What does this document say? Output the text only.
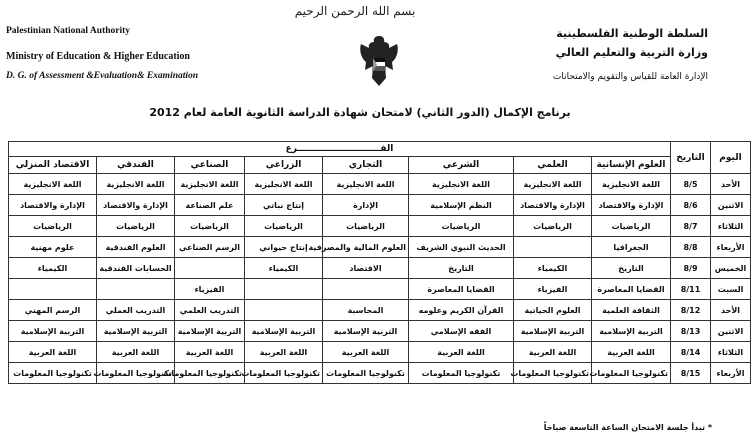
Palestinian National Authority
Ministry of Education & Higher Education
D. G. of Assessment &Evaluation& Examination
بسم الله الرحمن الرحيم
السلطة الوطنية الفلسطينية
وزارة التربية والتعليم العالي
الإدارة العامة للقياس والتقويم والامتحانات
برنامج الإكمال (الدور الثاني) لامتحان شهادة الدراسة الثانوية العامة لعام 2012
اليوم	التاريخ	الفـــــــــــــــــــــــــــرع							
		العلوم الإنسانية	العلمي	الشرعي	التجاري	الزراعي	الصناعي	الفندقي	الاقتصاد المنزلي
الأحد	8/5	اللغة الانجليزية	اللغة الانجليزية	اللغة الانجليزية	اللغة الانجليزية	اللغة الانجليزية	اللغة الانجليزية	اللغة الانجليزية	اللغة الانجليزية
الاثنين	8/6	الإدارة والاقتصاد	الإدارة والاقتصاد	النظم الإسلامية	الإدارة	إنتاج نباتي	علم الصناعة	الإدارة والاقتصاد	الإدارة والاقتصاد
الثلاثاء	8/7	الرياضيات	الرياضيات	الرياضيات	الرياضيات	الرياضيات	الرياضيات	الرياضيات	الرياضيات
الأربعاء	8/8	الجغرافيا		الحديث النبوي الشريف	العلوم المالية والمصرفية	إنتاج حيواني	الرسم الصناعي	العلوم الفندقية	علوم مهنية
الخميس	8/9	التاريخ	الكيمياء	التاريخ	الاقتصاد	الكيمياء		الحسابات الفندقية	الكيمياء
السبت	8/11	القضايا المعاصرة	الفيزياء	القضايا المعاصرة			الفيزياء		
الأحد	8/12	الثقافة العلمية	العلوم الحياتية	القرآن الكريم وعلومه	المحاسبة		التدريب العلمي	التدريب العملي	الرسم المهني
الاثنين	8/13	التربية الإسلامية	التربية الإسلامية	الفقه الإسلامي	التربية الإسلامية	التربية الإسلامية	التربية الإسلامية	التربية الإسلامية	التربية الإسلامية
الثلاثاء	8/14	اللغة العربية	اللغة العربية	اللغة العربية	اللغة العربية	اللغة العربية	اللغة العربية	اللغة العربية	اللغة العربية
الأربعاء	8/15	تكنولوجيا المعلومات	تكنولوجيا المعلومات	تكنولوجيا المعلومات	تكنولوجيا المعلومات	تكنولوجيا المعلومات	تكنولوجيا المعلومات	تكنولوجيا المعلومات	تكنولوجيا المعلومات
* تبدأ جلسة الامتحان الساعة التاسعة صباحاً
